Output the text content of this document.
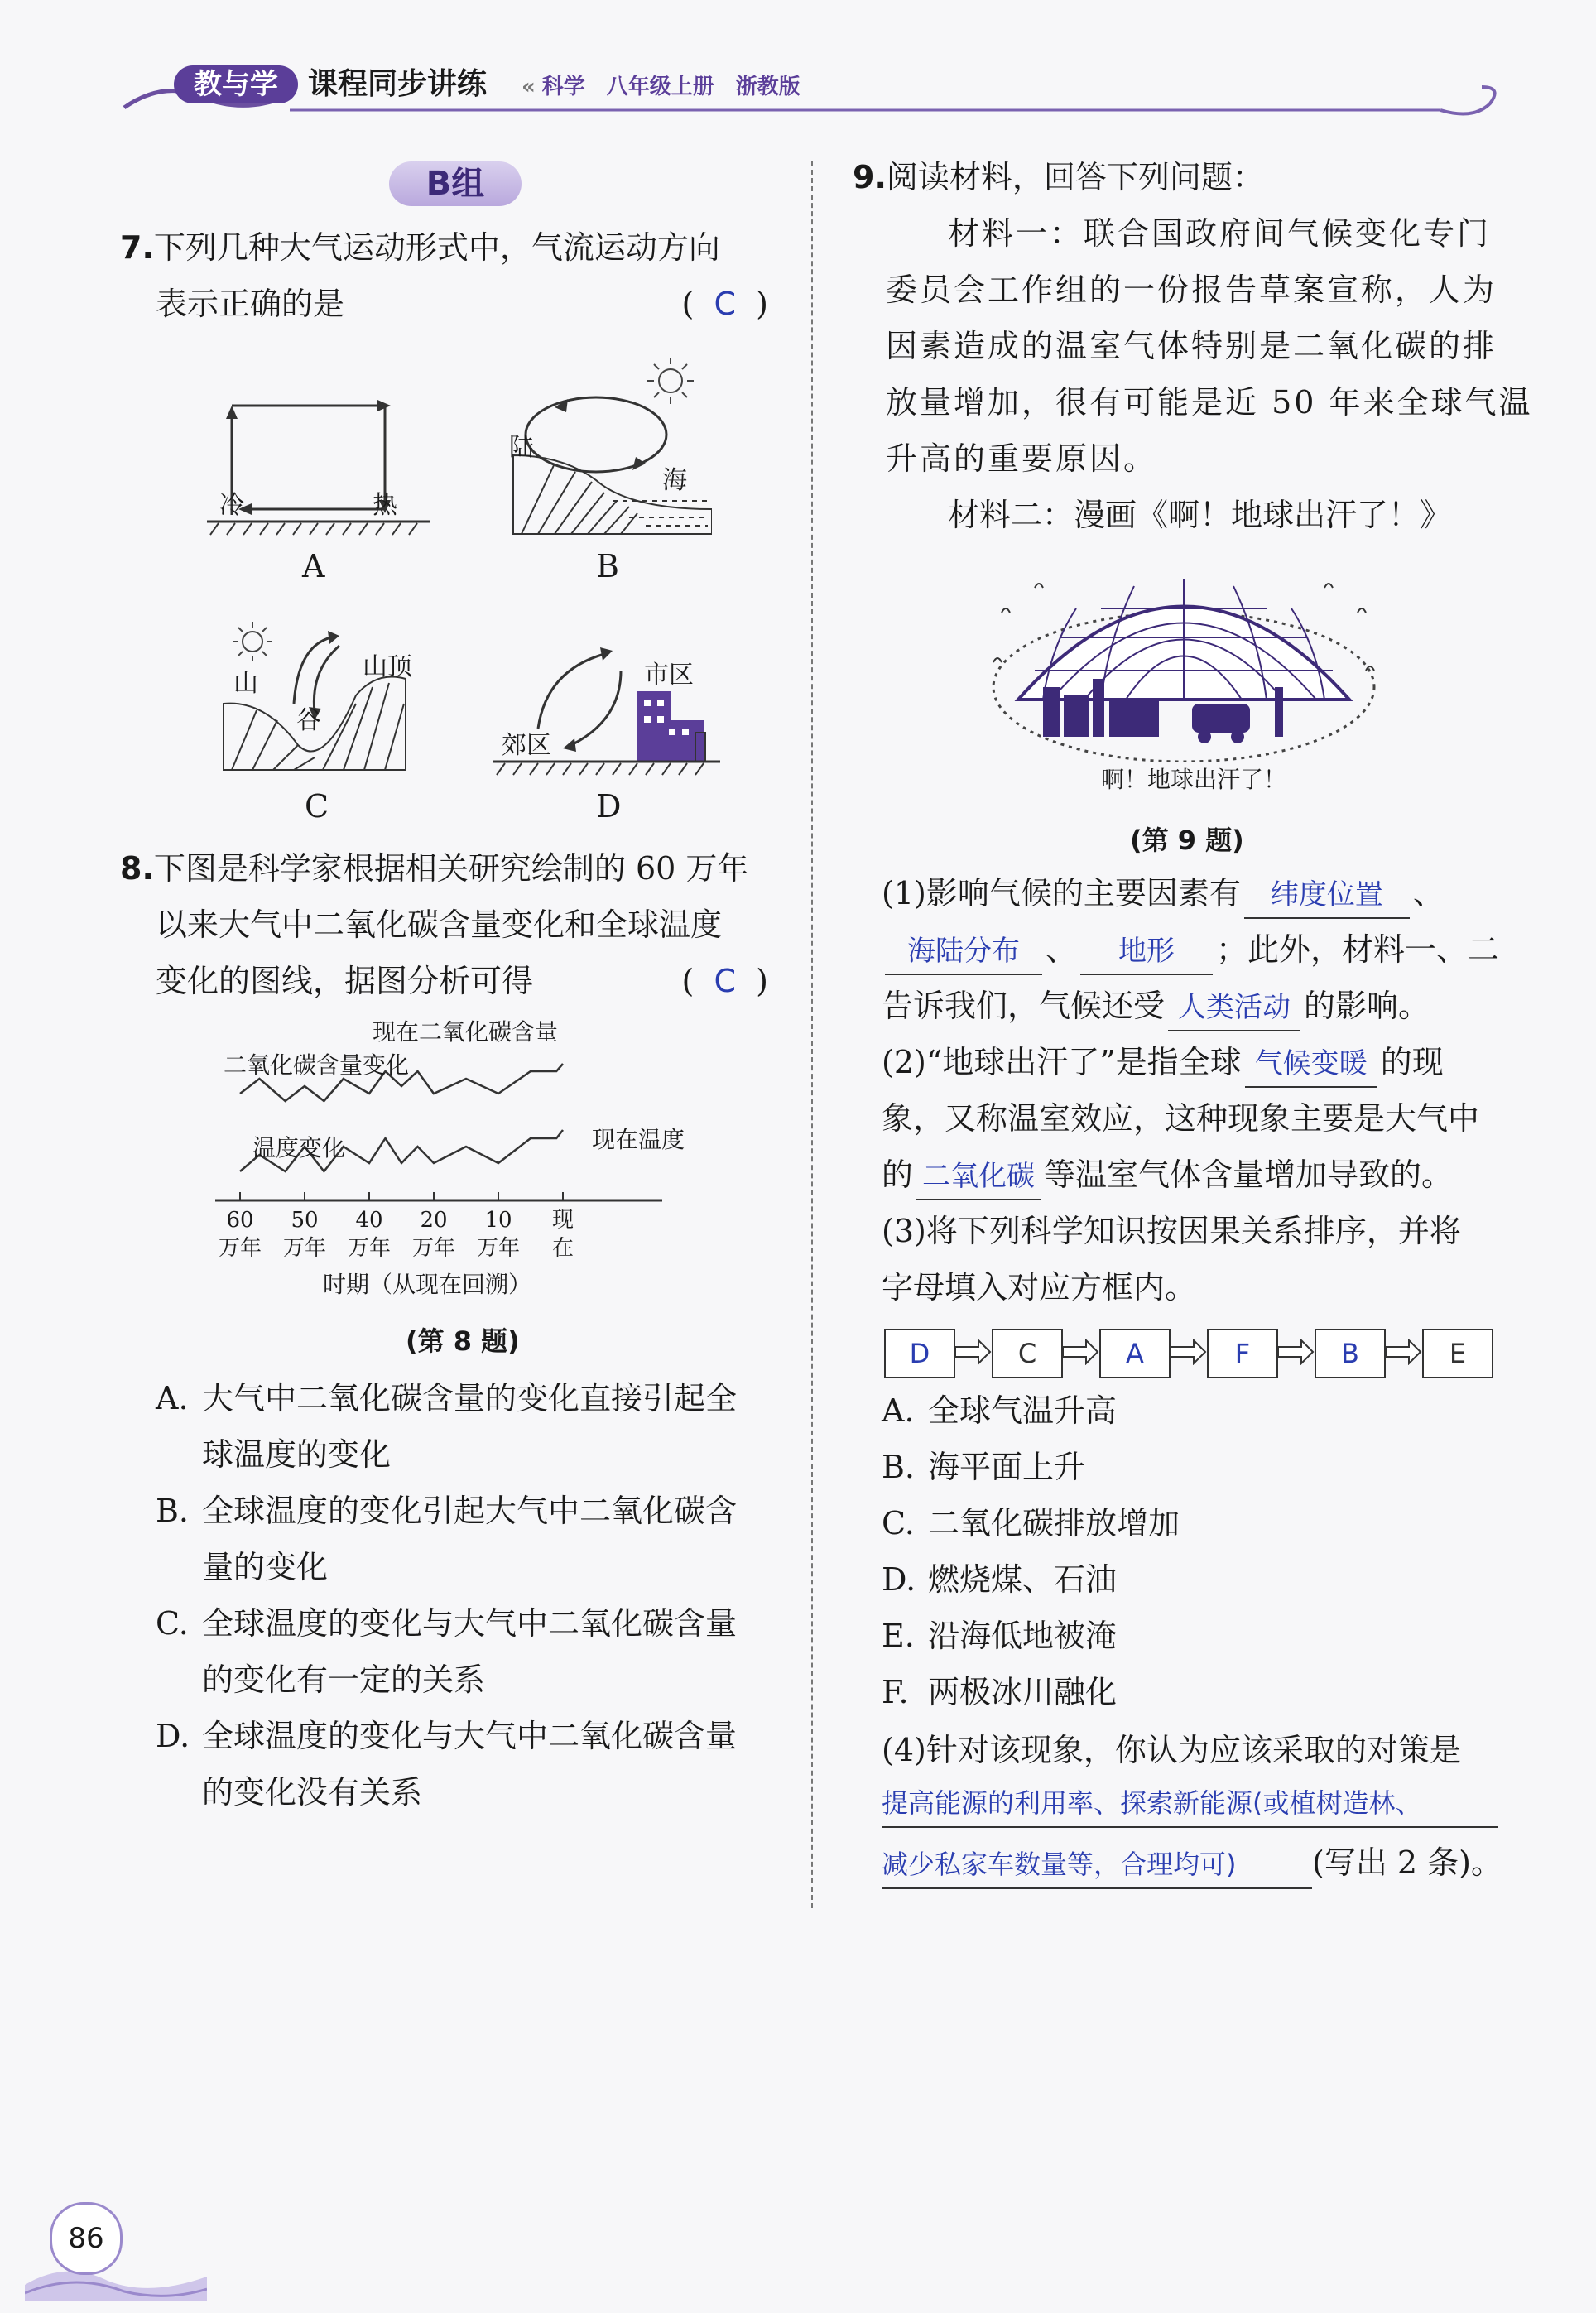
教与学	课程同步讲练 « 科学　八年级上册　浙教版
B组
7.下列几种大气运动形式中，气流运动方向
表示正确的是	(  C  )
冷	热
A
陆
海
B
山
谷
山顶
C
郊区
市区
D
8.下图是科学家根据相关研究绘制的 60 万年
以来大气中二氧化碳含量变化和全球温度
变化的图线，据图分析可得	(  C  )
现在二氧化碳含量
二氧化碳含量变化
温度变化	现在温度
60
万年
50
万年
40
万年
20
万年
10
万年
现
在
时期（从现在回溯）
(第 8 题)
A. 大气中二氧化碳含量的变化直接引起全
球温度的变化
B. 全球温度的变化引起大气中二氧化碳含
量的变化
C. 全球温度的变化与大气中二氧化碳含量
的变化有一定的关系
D. 全球温度的变化与大气中二氧化碳含量
的变化没有关系
9.阅读材料，回答下列问题：
材料一：联合国政府间气候变化专门
委员会工作组的一份报告草案宣称，人为
因素造成的温室气体特别是二氧化碳的排
放量增加，很有可能是近 50 年来全球气温
升高的重要原因。
材料二：漫画《啊！地球出汗了！》
啊！地球出汗了！
(第 9 题)
(1)影响气候的主要因素有 纬度位置 、
海陆分布 、 地形 ；此外，材料一、二
告诉我们，气候还受 人类活动 的影响。
(2)“地球出汗了”是指全球 气候变暖 的现
象，又称温室效应，这种现象主要是大气中
的 二氧化碳 等温室气体含量增加导致的。
(3)将下列科学知识按因果关系排序，并将
字母填入对应方框内。
D	C	A	F	B	E
A. 全球气温升高
B. 海平面上升
C. 二氧化碳排放增加
D. 燃烧煤、石油
E. 沿海低地被淹
F. 两极冰川融化
(4)针对该现象，你认为应该采取的对策是
提高能源的利用率、探索新能源(或植树造林、
减少私家车数量等，合理均可) (写出 2 条)。
86
